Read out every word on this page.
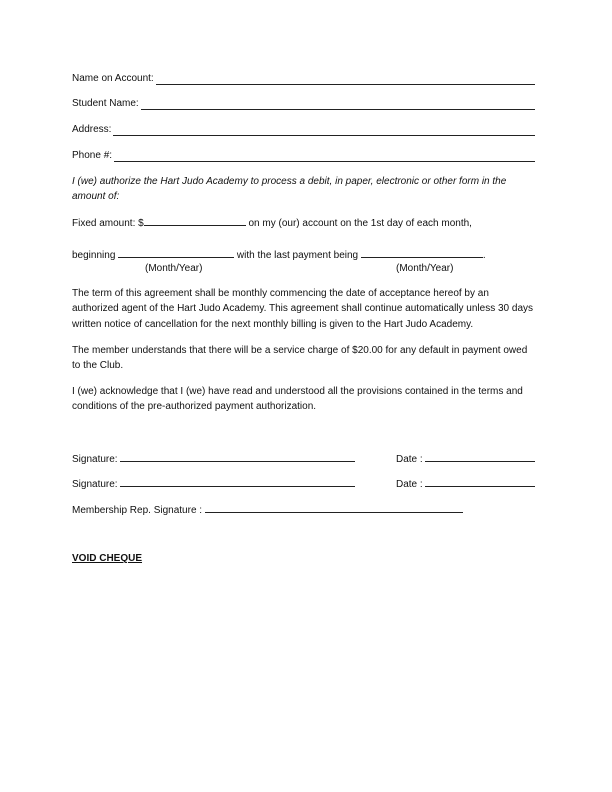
Name on Account:
Student Name:
Address:
Phone #:
I (we) authorize the Hart Judo Academy to process a debit, in paper, electronic or other form in the
amount of:
Fixed amount: $	on my (our) account on the 1st day of each month,
beginning	with the last payment being	.
(Month/Year)	(Month/Year)
The term of this agreement shall be monthly commencing the date of acceptance hereof by an
authorized agent of the Hart Judo Academy. This agreement shall continue automatically unless 30 days
written notice of cancellation for the next monthly billing is given to the Hart Judo Academy.
The member understands that there will be a service charge of $20.00 for any default in payment owed
to the Club.
I (we) acknowledge that I (we) have read and understood all the provisions contained in the terms and
conditions of the pre-authorized payment authorization.
Signature:	Date :
Signature:	Date :
Membership Rep. Signature :
VOID CHEQUE
